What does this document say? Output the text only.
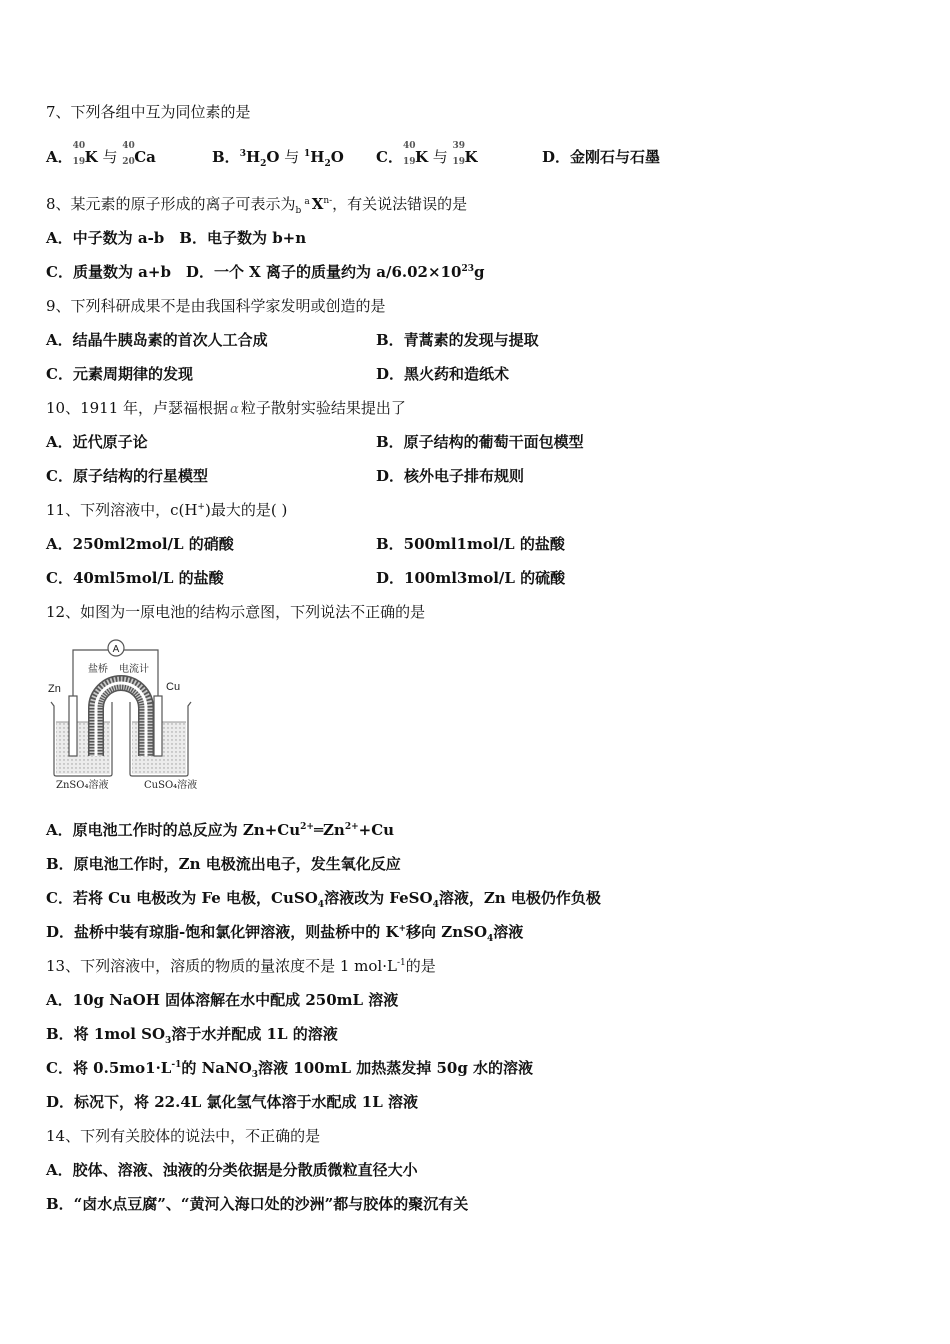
7、下列各组中互为同位素的是
A．
40
19 K 与
40
20 Ca	B．$^3H_2O$ 与 $^1H_2O$ C．
40
19 K 与
39
19 K	D．金刚石与石墨
8、某元素的原子形成的离子可表示为$_b^a$ $X^{n-}$，有关说法错误的是
A．中子数为 a-b　B．电子数为 b+n
C．质量数为 a+b　D．一个 X 离子的质量约为 $a/6.02\times 10^{23}g$
9、下列科研成果不是由我国科学家发明或创造的是
A．结晶牛胰岛素的首次人工合成	B．青蒿素的发现与提取
C．元素周期律的发现	D．黑火药和造纸术
10、1911 年，卢瑟福根据 α 粒子散射实验结果提出了
A．近代原子论	B．原子结构的葡萄干面包模型
C．原子结构的行星模型	D．核外电子排布规则
11、下列溶液中，c(H+)最大的是( )
A．250ml2mol/L 的硝酸	B．500ml1mol/L 的盐酸
C．40ml5mol/L 的盐酸	D．100ml3mol/L 的硫酸
12、如图为一原电池的结构示意图，下列说法不正确的是
A
盐桥 电流计
Zn	Cu
ZnSO₄溶液	CuSO₄溶液
A．原电池工作时的总反应为 $Zn+Cu^{2+}═Zn^{2+}+Cu$
B．原电池工作时，Zn 电极流出电子，发生氧化反应
C．若将 Cu 电极改为 Fe 电极，CuSO$_4$溶液改为 FeSO$_4$溶液，Zn 电极仍作负极
D．盐桥中装有琼脂-饱和氯化钾溶液，则盐桥中的 K+移向 ZnSO$_4$溶液
13、下列溶液中，溶质的物质的量浓度不是 1 $mol\cdot L^{-1}$的是
A．10g NaOH 固体溶解在水中配成 250mL 溶液
B．将 1mol $SO_3$溶于水并配成 1L 的溶液
C．将 $0.5mo1\cdot L^{-1}$的 NaNO$_3$溶液 100mL 加热蒸发掉 50g 水的溶液
D．标况下，将 22.4L 氯化氢气体溶于水配成 1L 溶液
14、下列有关胶体的说法中，不正确的是
A．胶体、溶液、浊液的分类依据是分散质微粒直径大小
B．“卤水点豆腐”、“黄河入海口处的沙洲”都与胶体的聚沉有关
